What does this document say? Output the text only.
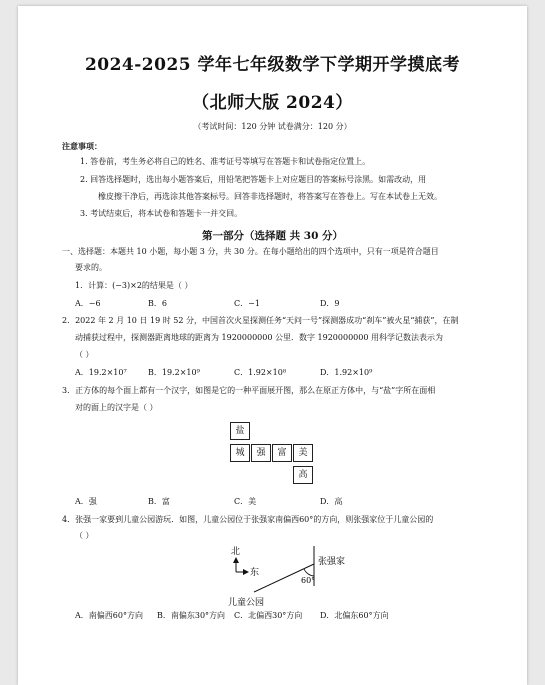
2024-2025 学年七年级数学下学期开学摸底考
（北师大版 2024）
（考试时间：120 分钟 试卷满分：120 分）
注意事项：
1. 答卷前，考生务必将自己的姓名、准考证号等填写在答题卡和试卷指定位置上。
2. 回答选择题时，选出每小题答案后，用铅笔把答题卡上对应题目的答案标号涂黑。如需改动，用
橡皮擦干净后，再选涂其他答案标号。回答非选择题时，将答案写在答卷上。写在本试卷上无效。
3. 考试结束后，将本试卷和答题卡一并交回。
第一部分（选择题 共 30 分）
一、选择题：本题共 10 小题，每小题 3 分，共 30 分。在每小题给出的四个选项中，只有一项是符合题目
要求的。
1．计算：(−3)×2的结果是（ ）
A．−6	B．6	C．−1	D．9
2．2022 年 2 月 10 日 19 时 52 分，中国首次火星探测任务“天问一号”探测器成功“刹车”被火星“捕获”，在制
动捕获过程中，探测器距离地球的距离为 1920000000 公里．数字 1920000000 用科学记数法表示为
（ ）
A．19.2×10⁷	B．19.2×10⁹	C．1.92×10⁸	D．1.92×10⁹
3．正方体的每个面上都有一个汉字，如图是它的一种平面展开图，那么在原正方体中，与“盐”字所在面相
对的面上的汉字是（ ）
盐
城	强	富	美
高
A．强	B．富	C．美	D．高
4．张强一家要到儿童公园游玩．如图，儿童公园位于张强家南偏西60°的方向，则张强家位于儿童公园的
（ ）
北
东
张强家
60°
儿童公园
A．南偏西60°方向 B．南偏东30°方向 C．北偏西30°方向 D．北偏东60°方向
